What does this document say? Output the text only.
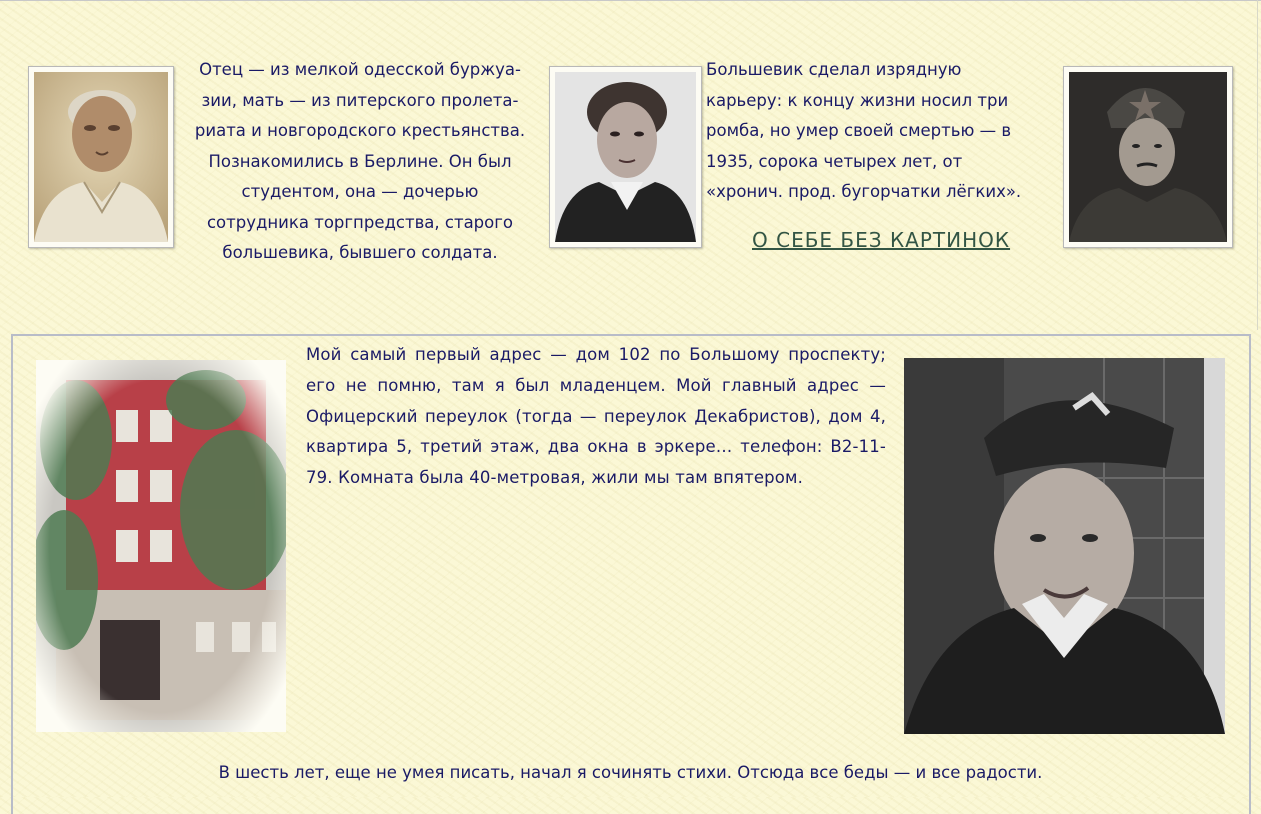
Отец — из мелкой одесской буржуа-
зии, мать — из питерского пролета-
риата и новгородского крестьянства.
Познакомились в Берлине. Он был
студентом, она — дочерью
сотрудника торгпредства, старого
большевика, бывшего солдата.
Большевик сделал изрядную
карьеру: к концу жизни носил три
ромба, но умер своей смертью — в
1935, сорока четырех лет, от
«хронич. прод. бугорчатки лёгких».
О СЕБЕ БЕЗ КАРТИНОК
Мой самый первый адрес — дом 102 по Большому проспекту; его не помню, там я был младенцем. Мой главный адрес — Офицерский переулок (тогда — переулок Декабристов), дом 4, квартира 5, третий этаж, два окна в эркере… телефон: В2-11-79. Комната была 40-метровая, жили мы там впятером.
В шесть лет, еще не умея писать, начал я сочинять стихи. Отсюда все беды — и все радости.
